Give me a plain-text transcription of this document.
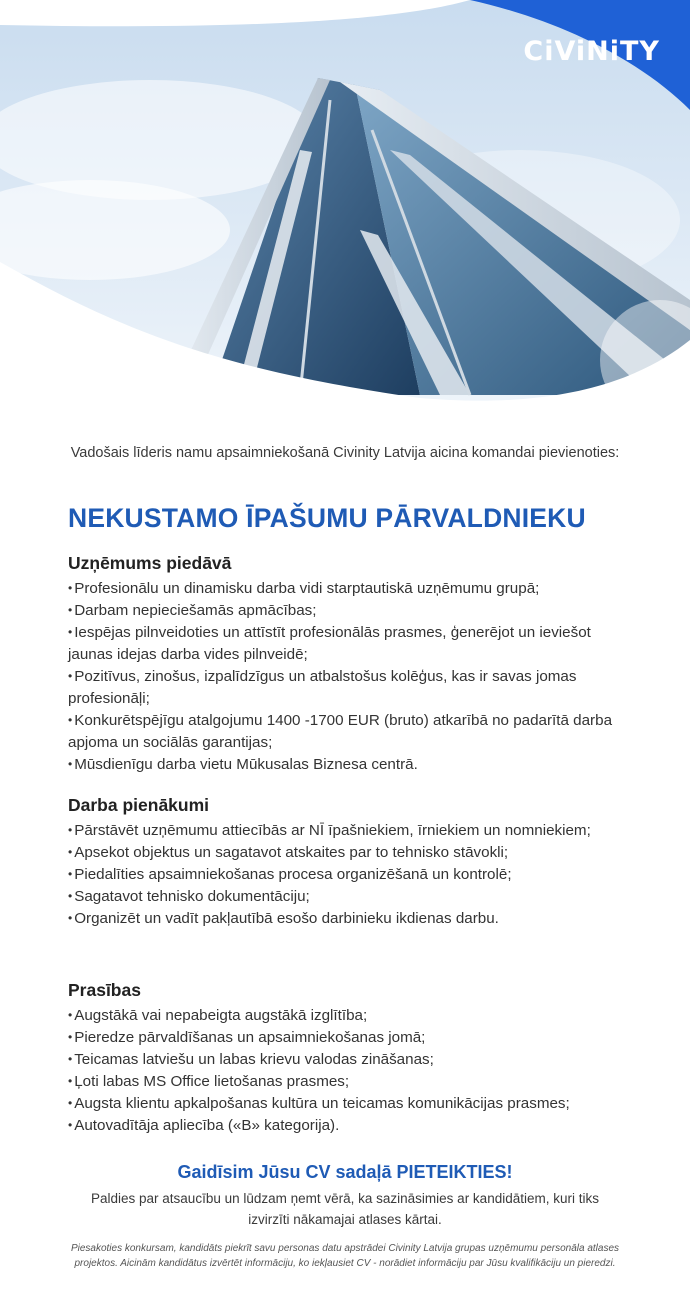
CiViNiTY
Vadošais līderis namu apsaimniekošanā Civinity Latvija aicina komandai pievienoties:
NEKUSTAMO ĪPAŠUMU PĀRVALDNIEKU
Uzņēmums piedāvā
• Profesionālu un dinamisku darba vidi starptautiskā uzņēmumu grupā;
• Darbam nepieciešamās apmācības;
• Iespējas pilnveidoties un attīstīt profesionālās prasmes, ģenerējot un ieviešot jaunas idejas darba vides pilnveidē;
• Pozitīvus, zinošus, izpalīdzīgus un atbalstošus kolēģus, kas ir savas jomas profesionāļi;
• Konkurētspējīgu atalgojumu 1400 -1700 EUR (bruto) atkarībā no padarītā darba apjoma un sociālās garantijas;
• Mūsdienīgu darba vietu Mūkusalas Biznesa centrā.
Darba pienākumi
• Pārstāvēt uzņēmumu attiecībās ar NĪ īpašniekiem, īrniekiem un nomniekiem;
• Apsekot objektus un sagatavot atskaites par to tehnisko stāvokli;
• Piedalīties apsaimniekošanas procesa organizēšanā un kontrolē;
• Sagatavot tehnisko dokumentāciju;
• Organizēt un vadīt pakļautībā esošo darbinieku ikdienas darbu.
Prasības
• Augstākā vai nepabeigta augstākā izglītība;
• Pieredze pārvaldīšanas un apsaimniekošanas jomā;
• Teicamas latviešu un labas krievu valodas zināšanas;
• Ļoti labas MS Office lietošanas prasmes;
• Augsta klientu apkalpošanas kultūra un teicamas komunikācijas prasmes;
• Autovadītāja apliecība («B» kategorija).
Gaidīsim Jūsu CV sadaļā PIETEIKTIES!
Paldies par atsaucību un lūdzam ņemt vērā, ka sazināsimies ar kandidātiem, kuri tiks izvirzīti nākamajai atlases kārtai.
Piesakoties konkursam, kandidāts piekrīt savu personas datu apstrādei Civinity Latvija grupas uzņēmumu personāla atlases projektos. Aicinām kandidātus izvērtēt informāciju, ko iekļausiet CV - norādiet informāciju par Jūsu kvalifikāciju un pieredzi.
